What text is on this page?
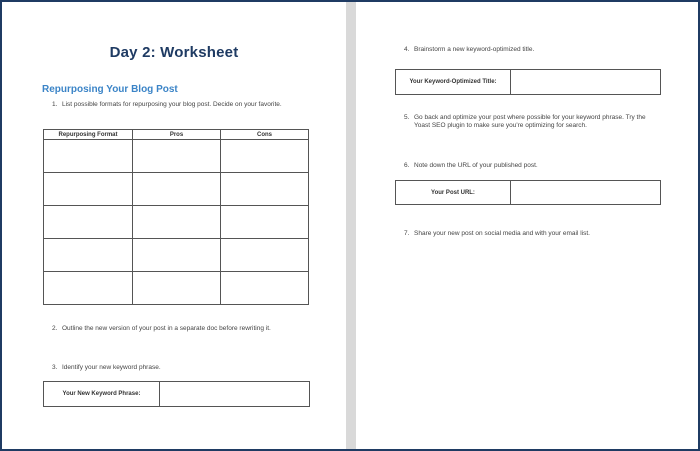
Day 2: Worksheet
Repurposing Your Blog Post
1. List possible formats for repurposing your blog post. Decide on your favorite.
Repurposing Format	Pros	Cons

2. Outline the new version of your post in a separate doc before rewriting it.
3. Identify your new keyword phrase.
Your New Keyword Phrase:
4. Brainstorm a new keyword-optimized title.
Your Keyword-Optimized Title:
5. Go back and optimize your post where possible for your keyword phrase. Try the Yoast SEO plugin to make sure you're optimizing for search.
6. Note down the URL of your published post.
Your Post URL:
7. Share your new post on social media and with your email list.
